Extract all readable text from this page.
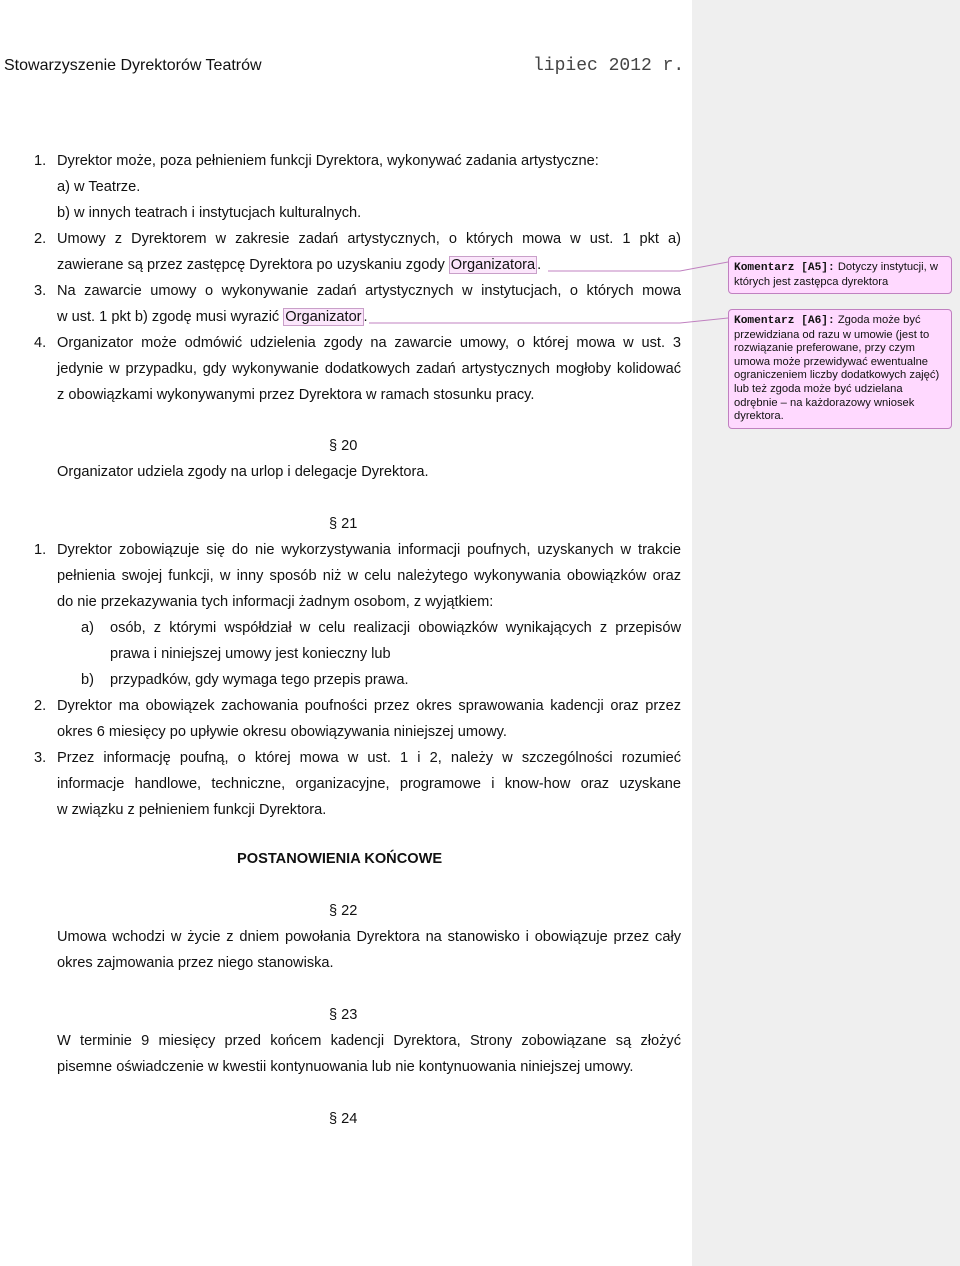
Stowarzyszenie Dyrektorów Teatrów	lipiec 2012 r.
1. Dyrektor może, poza pełnieniem funkcji Dyrektora, wykonywać zadania artystyczne:
a) w Teatrze.
b) w innych teatrach i instytucjach kulturalnych.
2. Umowy z Dyrektorem w zakresie zadań artystycznych, o których mowa w ust. 1 pkt a)
zawierane są przez zastępcę Dyrektora po uzyskaniu zgody Organizatora .
3. Na zawarcie umowy o wykonywanie zadań artystycznych w instytucjach, o których mowa
w ust. 1 pkt b) zgodę musi wyrazić Organizator .
4. Organizator może odmówić udzielenia zgody na zawarcie umowy, o której mowa w ust. 3
jedynie w przypadku, gdy wykonywanie dodatkowych zadań artystycznych mogłoby kolidować
z obowiązkami wykonywanymi przez Dyrektora w ramach stosunku pracy.
§ 20
Organizator udziela zgody na urlop i delegacje Dyrektora.
§ 21
1. Dyrektor zobowiązuje się do nie wykorzystywania informacji poufnych, uzyskanych w trakcie
pełnienia swojej funkcji, w inny sposób niż w celu należytego wykonywania obowiązków oraz
do nie przekazywania tych informacji żadnym osobom, z wyjątkiem:
a) osób, z którymi współdział w celu realizacji obowiązków wynikających z przepisów
prawa i niniejszej umowy jest konieczny lub
b) przypadków, gdy wymaga tego przepis prawa.
2. Dyrektor ma obowiązek zachowania poufności przez okres sprawowania kadencji oraz przez
okres 6 miesięcy po upływie okresu obowiązywania niniejszej umowy.
3. Przez informację poufną, o której mowa w ust. 1 i 2, należy w szczególności rozumieć
informacje handlowe, techniczne, organizacyjne, programowe i know-how oraz uzyskane
w związku z pełnieniem funkcji Dyrektora.
POSTANOWIENIA KOŃCOWE
§ 22
Umowa wchodzi w życie z dniem powołania Dyrektora na stanowisko i obowiązuje przez cały
okres zajmowania przez niego stanowiska.
§ 23
W terminie 9 miesięcy przed końcem kadencji Dyrektora, Strony zobowiązane są złożyć
pisemne oświadczenie w kwestii kontynuowania lub nie kontynuowania niniejszej umowy.
§ 24
Komentarz [A5]: Dotyczy instytucji, w których jest zastępca dyrektora
Komentarz [A6]: Zgoda może być przewidziana od razu w umowie (jest to rozwiązanie preferowane, przy czym umowa może przewidywać ewentualne ograniczeniem liczby dodatkowych zajęć) lub też zgoda może być udzielana odrębnie – na każdorazowy wniosek dyrektora.
